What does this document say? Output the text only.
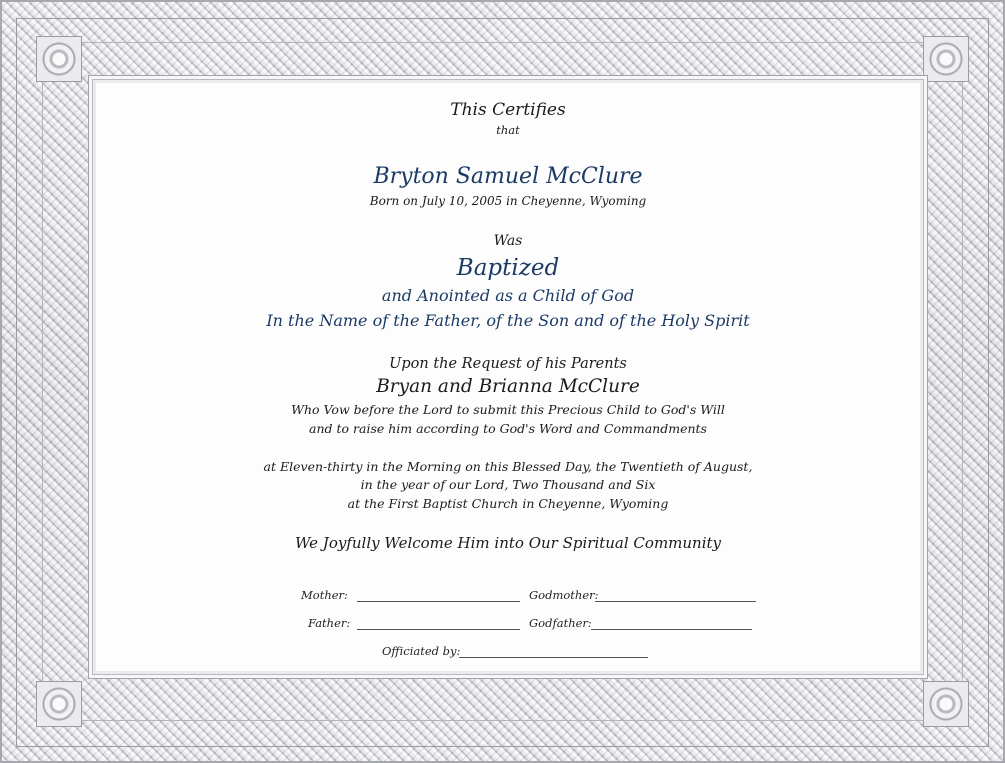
This Certifies
that
Bryton Samuel McClure
Born on July 10, 2005 in Cheyenne, Wyoming
Was
Baptized
and Anointed as a Child of God
In the Name of the Father, of the Son and of the Holy Spirit
Upon the Request of his Parents
Bryan and Brianna McClure
Who Vow before the Lord to submit this Precious Child to God's Will
and to raise him according to God's Word and Commandments
at Eleven-thirty in the Morning on this Blessed Day, the Twentieth of August,
in the year of our Lord, Two Thousand and Six
at the First Baptist Church in Cheyenne, Wyoming
We Joyfully Welcome Him into Our Spiritual Community
Mother:	Godmother:
Father:	Godfather:
Officiated by:
